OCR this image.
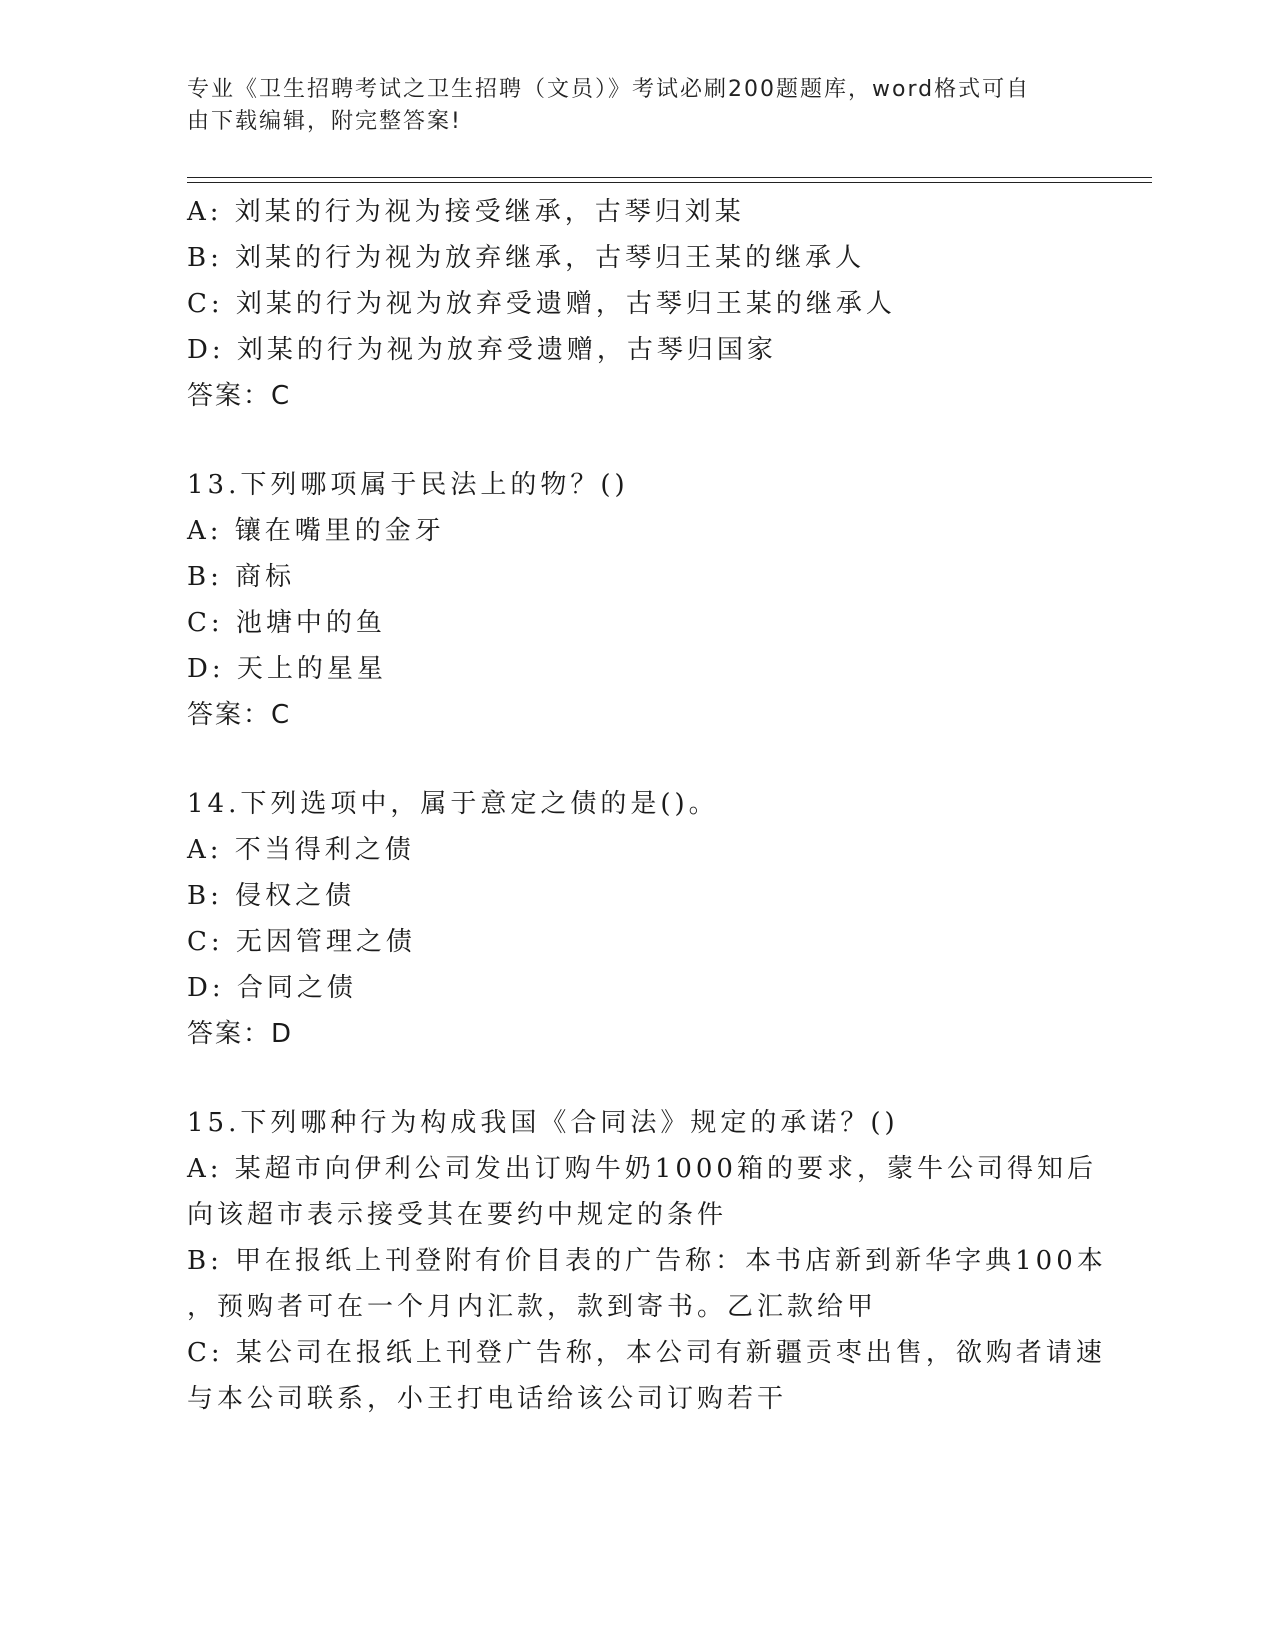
专业《卫生招聘考试之卫生招聘（文员）》考试必刷200题题库，word格式可自
由下载编辑，附完整答案!
A: 刘某的行为视为接受继承，古琴归刘某
B: 刘某的行为视为放弃继承，古琴归王某的继承人
C: 刘某的行为视为放弃受遗赠，古琴归王某的继承人
D: 刘某的行为视为放弃受遗赠，古琴归国家
答案：C
13.下列哪项属于民法上的物？()
A: 镶在嘴里的金牙
B: 商标
C: 池塘中的鱼
D: 天上的星星
答案：C
14.下列选项中，属于意定之债的是()。
A: 不当得利之债
B: 侵权之债
C: 无因管理之债
D: 合同之债
答案：D
15.下列哪种行为构成我国《合同法》规定的承诺？()
A: 某超市向伊利公司发出订购牛奶1000箱的要求，蒙牛公司得知后
向该超市表示接受其在要约中规定的条件
B: 甲在报纸上刊登附有价目表的广告称：本书店新到新华字典100本
，预购者可在一个月内汇款，款到寄书。乙汇款给甲
C: 某公司在报纸上刊登广告称，本公司有新疆贡枣出售，欲购者请速
与本公司联系，小王打电话给该公司订购若干
